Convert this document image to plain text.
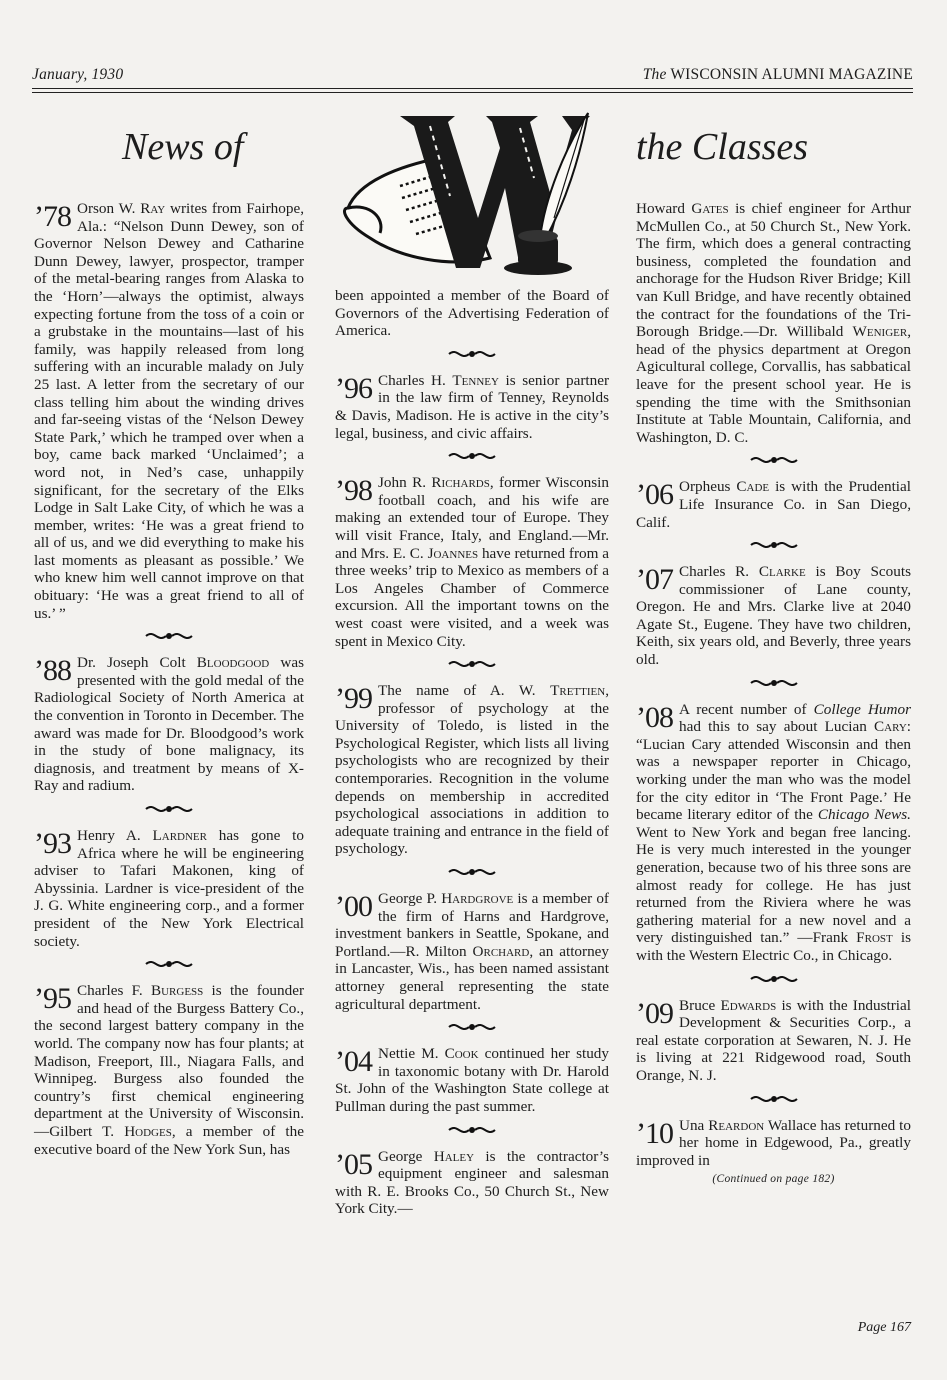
January, 1930	The WISCONSIN ALUMNI MAGAZINE
News of	the Classes

’78 Orson W. Ray writes from Fairhope, Ala.: “Nelson Dunn Dewey, son of Governor Nelson Dewey and Catharine Dunn Dewey, lawyer, prospector, tramper of the metal-bearing ranges from Alaska to the ‘Horn’—always the optimist, always expecting fortune from the toss of a coin or a grubstake in the mountains—last of his family, was happily released from long suffering with an incurable malady on July 25 last. A letter from the secretary of our class telling him about the winding drives and far-seeing vistas of the ‘Nelson Dewey State Park,’ which he tramped over when a boy, came back marked ‘Unclaimed’; a word not, in Ned’s case, unhappily significant, for the secretary of the Elks Lodge in Salt Lake City, of which he was a member, writes: ‘He was a great friend to all of us, and we did everything to make his last moments as pleasant as possible.’ We who knew him well cannot improve on that obituary: ‘He was a great friend to all of us.’ ”

’88 Dr. Joseph Colt Bloodgood was presented with the gold medal of the Radiological Society of North America at the convention in Toronto in December. The award was made for Dr. Bloodgood’s work in the study of bone malignacy, its diagnosis, and treatment by means of X-Ray and radium.

’93 Henry A. Lardner has gone to Africa where he will be engineering adviser to Tafari Makonen, king of Abyssinia. Lardner is vice-president of the J. G. White engineering corp., and a former president of the New York Electrical society.

’95 Charles F. Burgess is the founder and head of the Burgess Battery Co., the second largest battery company in the world. The company now has four plants; at Madison, Freeport, Ill., Niagara Falls, and Winnipeg. Burgess also founded the country’s first chemical engineering department at the University of Wisconsin.—Gilbert T. Hodges, a member of the executive board of the New York Sun, has

been appointed a member of the Board of Governors of the Advertising Federation of America.

’96 Charles H. Tenney is senior partner in the law firm of Tenney, Reynolds & Davis, Madison. He is active in the city’s legal, business, and civic affairs.

’98 John R. Richards, former Wisconsin football coach, and his wife are making an extended tour of Europe. They will visit France, Italy, and England.—Mr. and Mrs. E. C. Joannes have returned from a three weeks’ trip to Mexico as members of a Los Angeles Chamber of Commerce excursion. All the important towns on the west coast were visited, and a week was spent in Mexico City.

’99 The name of A. W. Trettien, professor of psychology at the University of Toledo, is listed in the Psychological Register, which lists all living psychologists who are recognized by their contemporaries. Recognition in the volume depends on membership in accredited psychological associations in addition to adequate training and entrance in the field of psychology.

’00 George P. Hardgrove is a member of the firm of Harns and Hardgrove, investment bankers in Seattle, Spokane, and Portland.—R. Milton Orchard, an attorney in Lancaster, Wis., has been named assistant attorney general representing the state agricultural department.

’04 Nettie M. Cook continued her study in taxonomic botany with Dr. Harold St. John of the Washington State college at Pullman during the past summer.

’05 George Haley is the contractor’s equipment engineer and salesman with R. E. Brooks Co., 50 Church St., New York City.—

Howard Gates is chief engineer for Arthur McMullen Co., at 50 Church St., New York. The firm, which does a general contracting business, completed the foundation and anchorage for the Hudson River Bridge; Kill van Kull Bridge, and have recently obtained the contract for the foundations of the Tri-Borough Bridge.—Dr. Willibald Weniger, head of the physics department at Oregon Agicultural college, Corvallis, has sabbatical leave for the present school year. He is spending the time with the Smithsonian Institute at Table Mountain, California, and Washington, D. C.

’06 Orpheus Cade is with the Prudential Life Insurance Co. in San Diego, Calif.

’07 Charles R. Clarke is Boy Scouts commissioner of Lane county, Oregon. He and Mrs. Clarke live at 2040 Agate St., Eugene. They have two children, Keith, six years old, and Beverly, three years old.

’08 A recent number of College Humor had this to say about Lucian Cary: “Lucian Cary attended Wisconsin and then was a newspaper reporter in Chicago, working under the man who was the model for the city editor in ‘The Front Page.’ He became literary editor of the Chicago News. Went to New York and began free lancing. He is very much interested in the younger generation, because two of his three sons are almost ready for college. He has just returned from the Riviera where he was gathering material for a new novel and a very distinguished tan.” —Frank Frost is with the Western Electric Co., in Chicago.

’09 Bruce Edwards is with the Industrial Development & Securities Corp., a real estate corporation at Sewaren, N. J. He is living at 221 Ridgewood road, South Orange, N. J.

’10 Una Reardon Wallace has returned to her home in Edgewood, Pa., greatly improved in

(Continued on page 182)
Page 167
